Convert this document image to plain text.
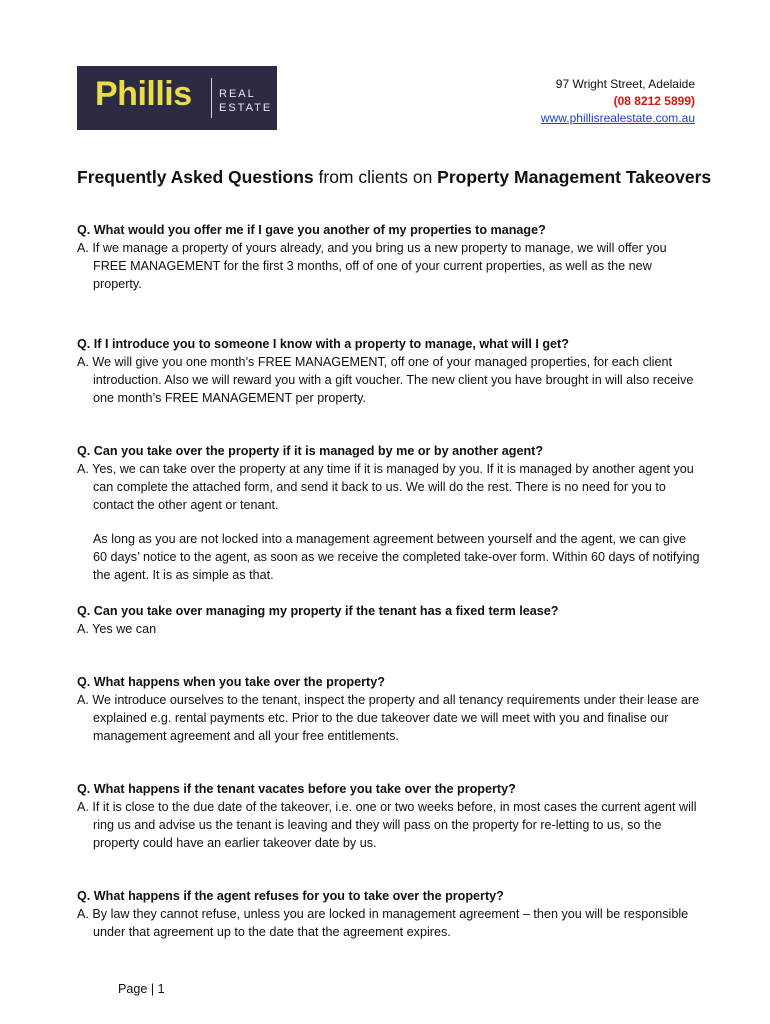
Phillis REAL
ESTATE
97 Wright Street, Adelaide
(08 8212 5899)
www.phillisrealestate.com.au
Frequently Asked Questions from clients on Property Management Takeovers
Q. What would you offer me if I gave you another of my properties to manage?
A. If we manage a property of yours already, and you bring us a new property to manage, we will offer you FREE MANAGEMENT for the first 3 months, off of one of your current properties, as well as the new property.
Q. If I introduce you to someone I know with a property to manage, what will I get?
A. We will give you one month’s FREE MANAGEMENT, off one of your managed properties, for each client introduction. Also we will reward you with a gift voucher. The new client you have brought in will also receive one month’s FREE MANAGEMENT per property.
Q. Can you take over the property if it is managed by me or by another agent?
A. Yes, we can take over the property at any time if it is managed by you. If it is managed by another agent you can complete the attached form, and send it back to us. We will do the rest. There is no need for you to contact the other agent or tenant.
As long as you are not locked into a management agreement between yourself and the agent, we can give 60 days’ notice to the agent, as soon as we receive the completed take-over form. Within 60 days of notifying the agent. It is as simple as that.
Q. Can you take over managing my property if the tenant has a fixed term lease?
A. Yes we can
Q. What happens when you take over the property?
A. We introduce ourselves to the tenant, inspect the property and all tenancy requirements under their lease are explained e.g. rental payments etc. Prior to the due takeover date we will meet with you and finalise our management agreement and all your free entitlements.
Q. What happens if the tenant vacates before you take over the property?
A. If it is close to the due date of the takeover, i.e. one or two weeks before, in most cases the current agent will ring us and advise us the tenant is leaving and they will pass on the property for re-letting to us, so the property could have an earlier takeover date by us.
Q. What happens if the agent refuses for you to take over the property?
A. By law they cannot refuse, unless you are locked in management agreement – then you will be responsible under that agreement up to the date that the agreement expires.
Page | 1
